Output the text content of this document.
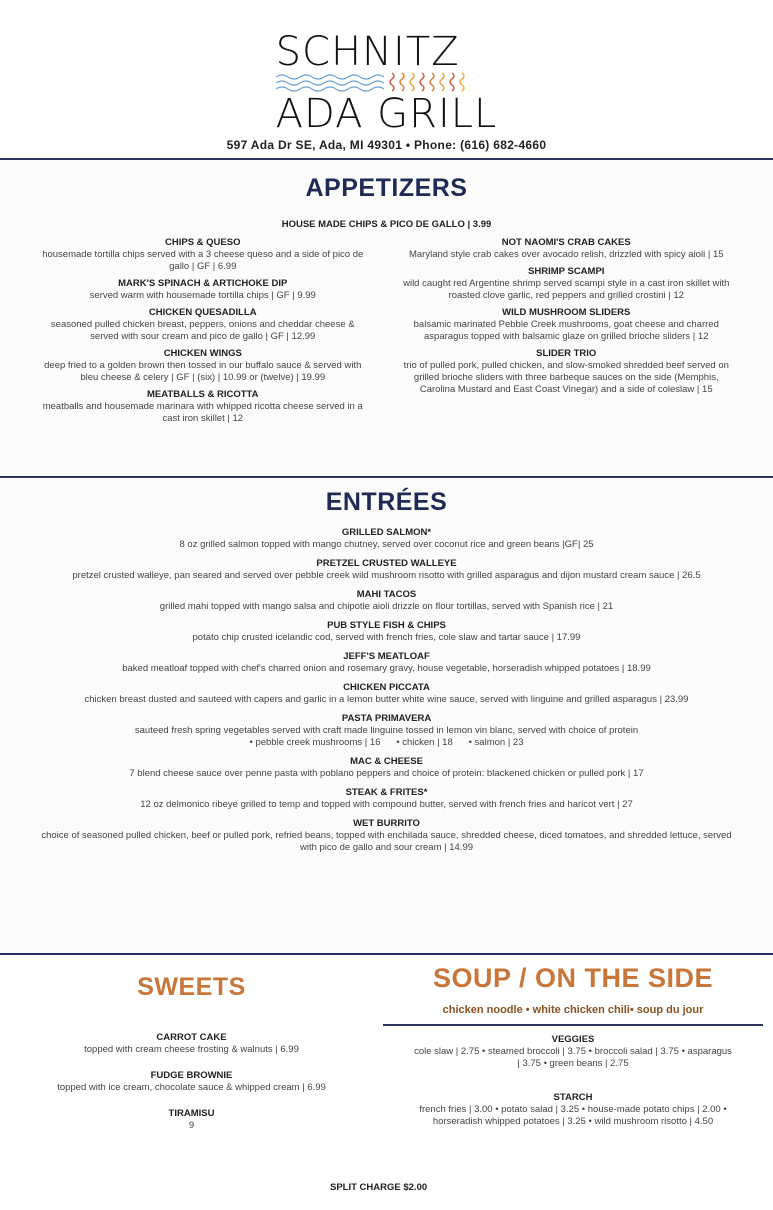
SCHNITZ
ADA GRILL
597 Ada Dr SE, Ada, MI 49301 • Phone: (616) 682-4660
APPETIZERS
HOUSE MADE CHIPS & PICO DE GALLO | 3.99
CHIPS & QUESO
housemade tortilla chips served with a 3 cheese queso and a side of pico de gallo | GF | 6.99
MARK'S SPINACH & ARTICHOKE DIP
served warm with housemade tortilla chips | GF | 9.99
CHICKEN QUESADILLA
seasoned pulled chicken breast, peppers, onions and cheddar cheese & served with sour cream and pico de gallo | GF | 12.99
CHICKEN WINGS
deep fried to a golden brown then tossed in our buffalo sauce & served with bleu cheese & celery | GF | (six) | 10.99 or (twelve) | 19.99
MEATBALLS & RICOTTA
meatballs and housemade marinara with whipped ricotta cheese served in a cast iron skillet | 12
NOT NAOMI'S CRAB CAKES
Maryland style crab cakes over avocado relish, drizzled with spicy aioli | 15
SHRIMP SCAMPI
wild caught red Argentine shrimp served scampi style in a cast iron skillet with roasted clove garlic, red peppers and grilled crostini | 12
WILD MUSHROOM SLIDERS
balsamic marinated Pebble Creek mushrooms, goat cheese and charred asparagus topped with balsamic glaze on grilled brioche sliders | 12
SLIDER TRIO
trio of pulled pork, pulled chicken, and slow-smoked shredded beef served on grilled brioche sliders with three barbeque sauces on the side (Memphis, Carolina Mustard and East Coast Vinegar) and a side of coleslaw | 15
ENTRÉES
GRILLED SALMON*
8 oz grilled salmon topped with mango chutney, served over coconut rice and green beans |GF| 25
PRETZEL CRUSTED WALLEYE
pretzel crusted walleye, pan seared and served over pebble creek wild mushroom risotto with grilled asparagus and dijon mustard cream sauce | 26.5
MAHI TACOS
grilled mahi topped with mango salsa and chipotle aioli drizzle on flour tortillas, served with Spanish rice | 21
PUB STYLE FISH & CHIPS
potato chip crusted icelandic cod, served with french fries, cole slaw and tartar sauce | 17.99
JEFF'S MEATLOAF
baked meatloaf topped with chef's charred onion and rosemary gravy, house vegetable, horseradish whipped potatoes | 18.99
CHICKEN PICCATA
chicken breast dusted and sauteed with capers and garlic in a lemon butter white wine sauce, served with linguine and grilled asparagus | 23.99
PASTA PRIMAVERA
sauteed fresh spring vegetables served with craft made linguine tossed in lemon vin blanc, served with choice of protein
• pebble creek mushrooms | 16      • chicken | 18      • salmon | 23
MAC & CHEESE
7 blend cheese sauce over penne pasta with poblano peppers and choice of protein: blackened chicken or pulled pork | 17
STEAK & FRITES*
12 oz delmonico ribeye grilled to temp and topped with compound butter, served with french fries and haricot vert | 27
WET BURRITO
choice of seasoned pulled chicken, beef or pulled pork, refried beans, topped with enchilada sauce, shredded cheese, diced tomatoes, and shredded lettuce, served with pico de gallo and sour cream | 14.99
SWEETS
CARROT CAKE
topped with cream cheese frosting & walnuts | 6.99
FUDGE BROWNIE
topped with ice cream, chocolate sauce & whipped cream | 6.99
TIRAMISU
9
SOUP / ON THE SIDE
chicken noodle • white chicken chili• soup du jour
VEGGIES
cole slaw | 2.75 • steamed broccoli | 3.75 • broccoli salad | 3.75 • asparagus | 3.75 • green beans | 2.75
STARCH
french fries | 3.00 • potato salad | 3.25 • house-made potato chips | 2.00 • horseradish whipped potatoes | 3.25 • wild mushroom risotto | 4.50
SPLIT CHARGE $2.00
